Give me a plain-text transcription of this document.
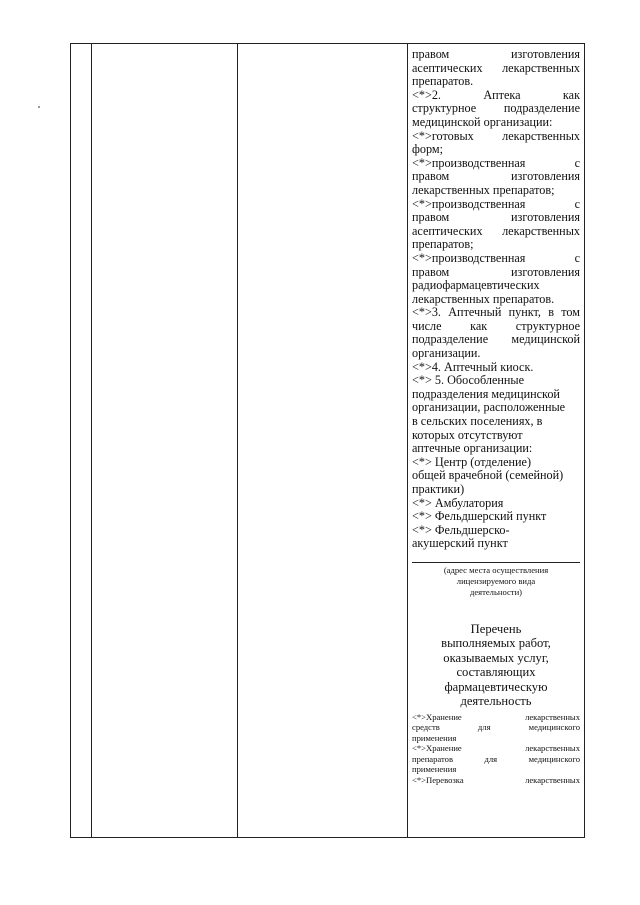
правом изготовления

асептических лекарственных

препаратов.

<*>2. Аптека как

структурное подразделение

медицинской организации:

<*>готовых лекарственных

форм;

<*>производственная с

правом изготовления

лекарственных препаратов;

<*>производственная с

правом изготовления

асептических лекарственных

препаратов;

<*>производственная с

правом изготовления

радиофармацевтических

лекарственных препаратов.

<*>3. Аптечный пункт, в том

числе как структурное

подразделение медицинской

организации.

<*>4. Аптечный киоск.

<*> 5. Обособленные

подразделения медицинской

организации, расположенные

в сельских поселениях, в

которых отсутствуют

аптечные организации:

<*> Центр (отделение)

общей врачебной (семейной)

практики)

<*> Амбулатория

<*> Фельдшерский пункт

<*> Фельдшерско-

акушерский пункт

(адрес места осуществления

лицензируемого вида

деятельности)

Перечень
выполняемых работ,
оказываемых услуг,
составляющих
фармацевтическую
деятельность

<*>Хранение лекарственных

средств для медицинского

применения

<*>Хранение лекарственных

препаратов для медицинского

применения

<*>Перевозка лекарственных
